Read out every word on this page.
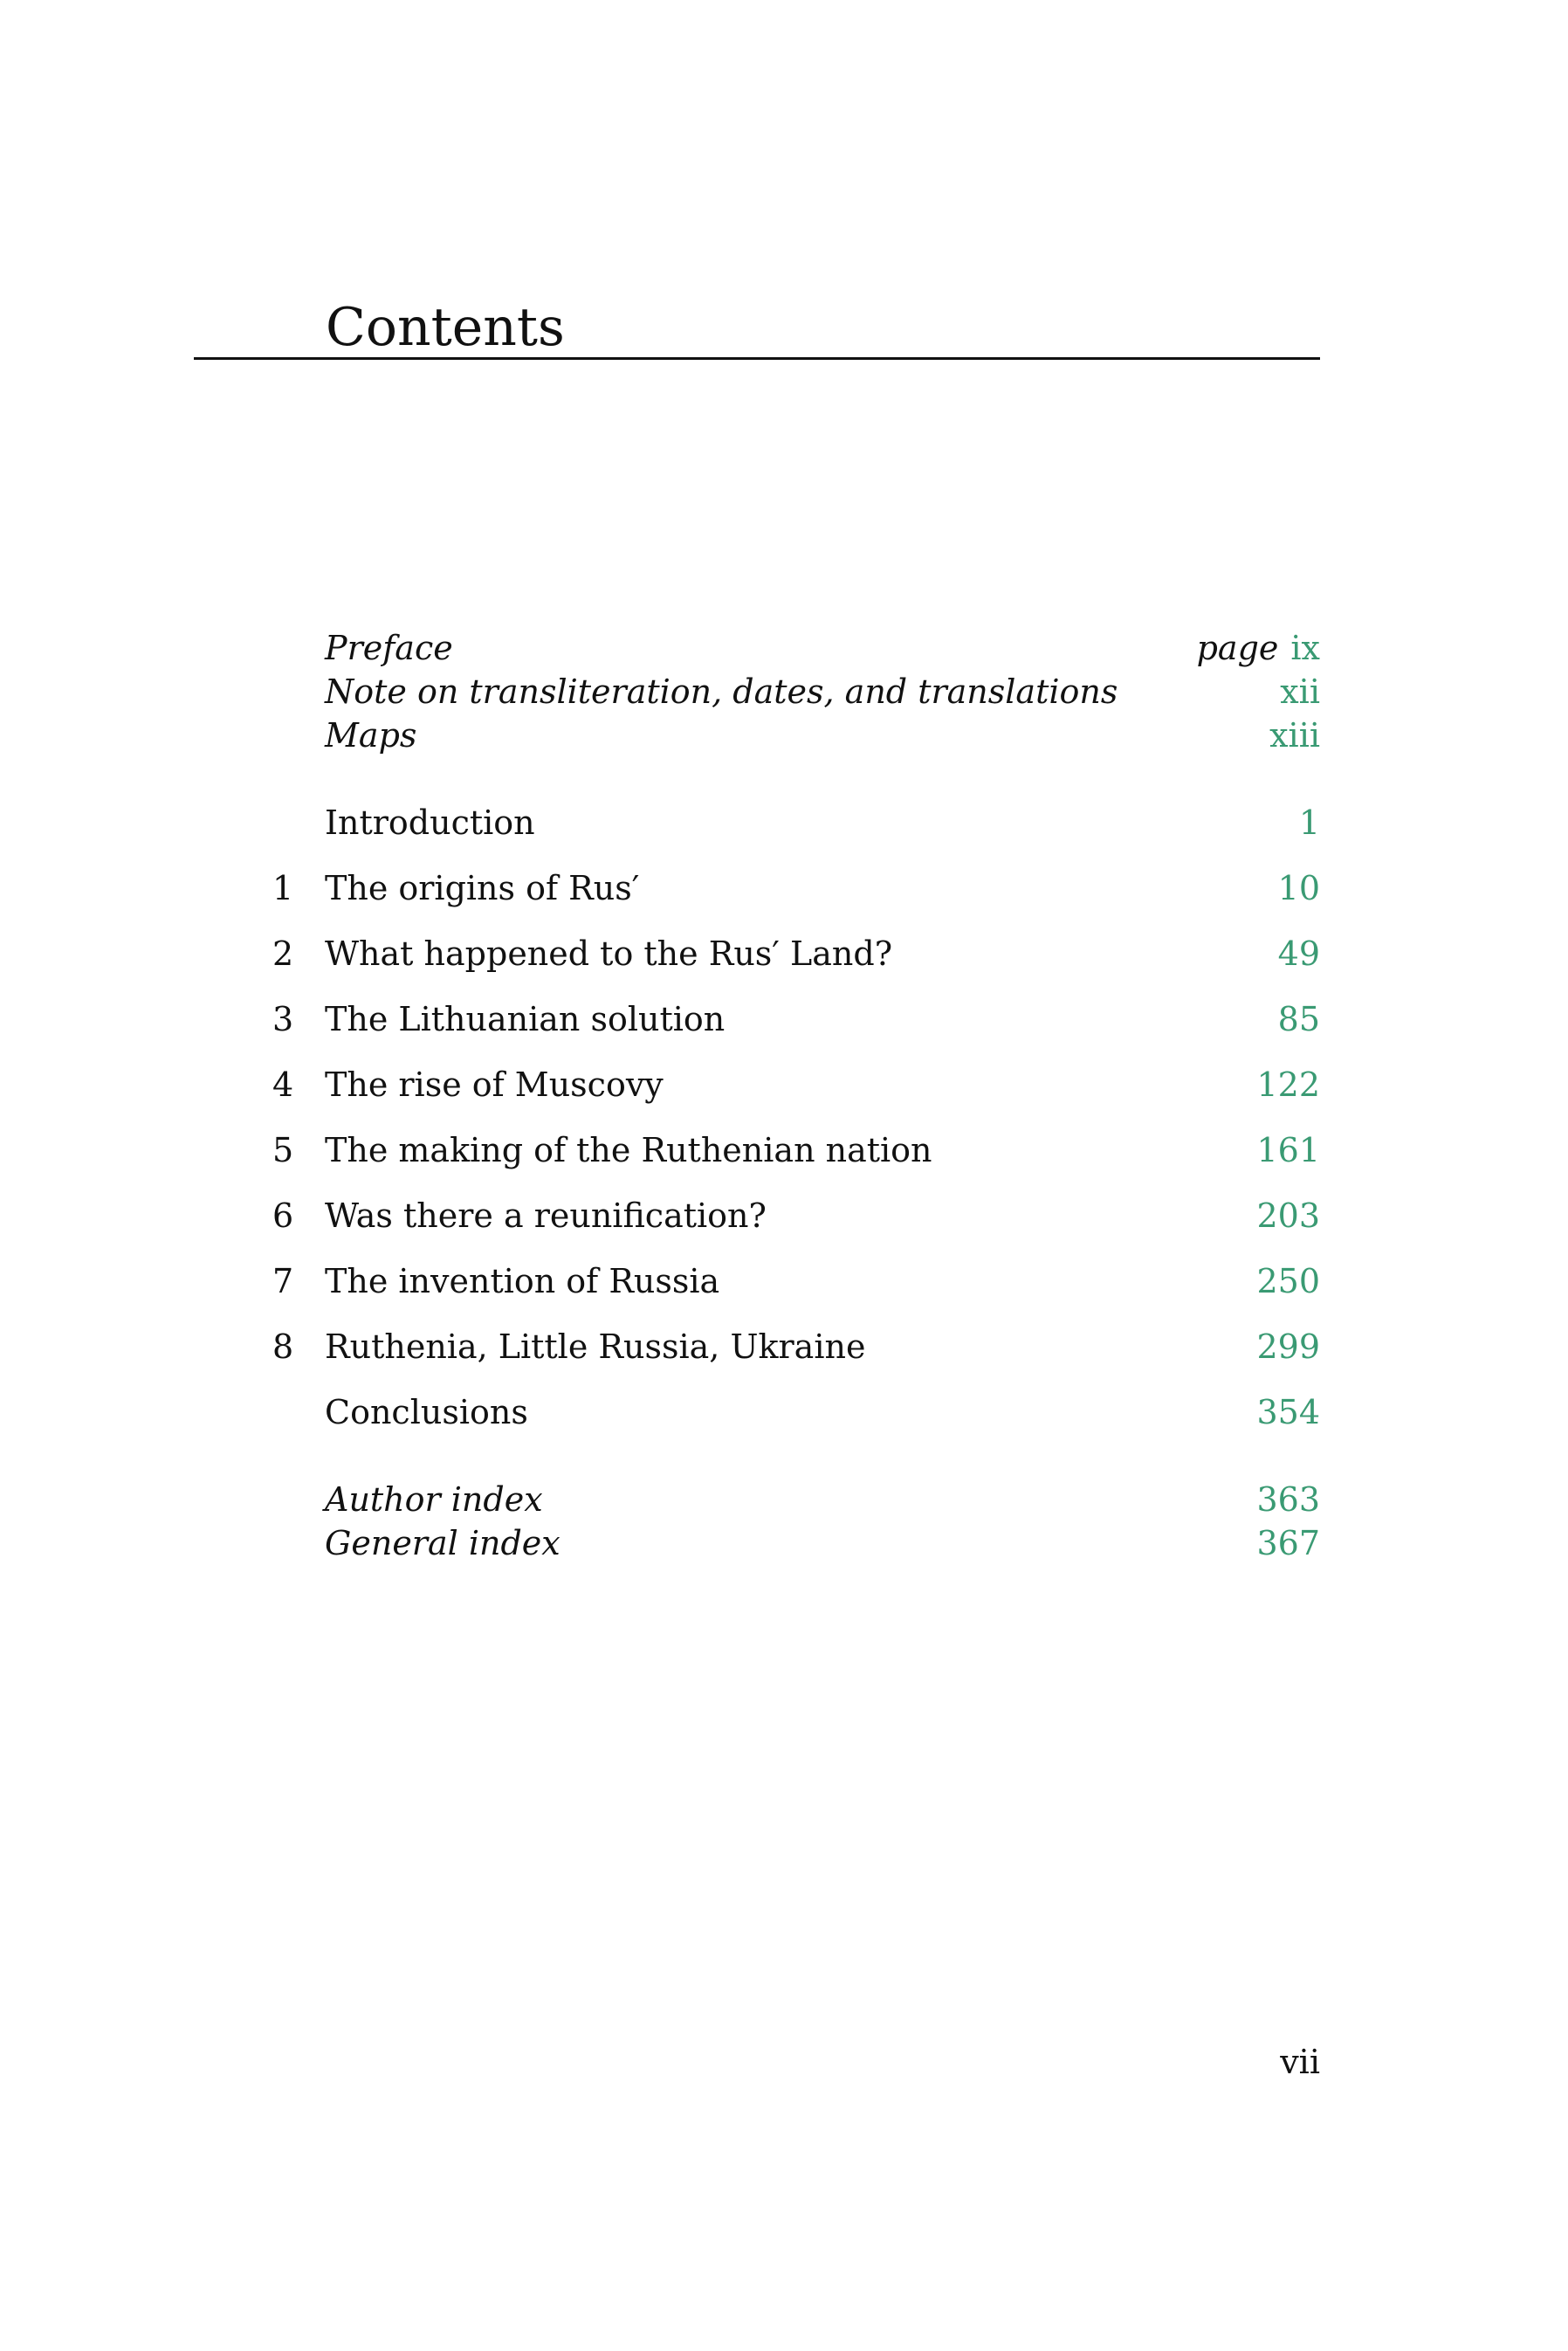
Contents
Preface	page ix
Note on transliteration, dates, and translations	xii
Maps	xiii
Introduction	1
1 The origins of Rus′	10
2 What happened to the Rus′ Land?	49
3 The Lithuanian solution	85
4 The rise of Muscovy	122
5 The making of the Ruthenian nation	161
6 Was there a reunification?	203
7 The invention of Russia	250
8 Ruthenia, Little Russia, Ukraine	299
Conclusions	354
Author index	363
General index	367
vii
